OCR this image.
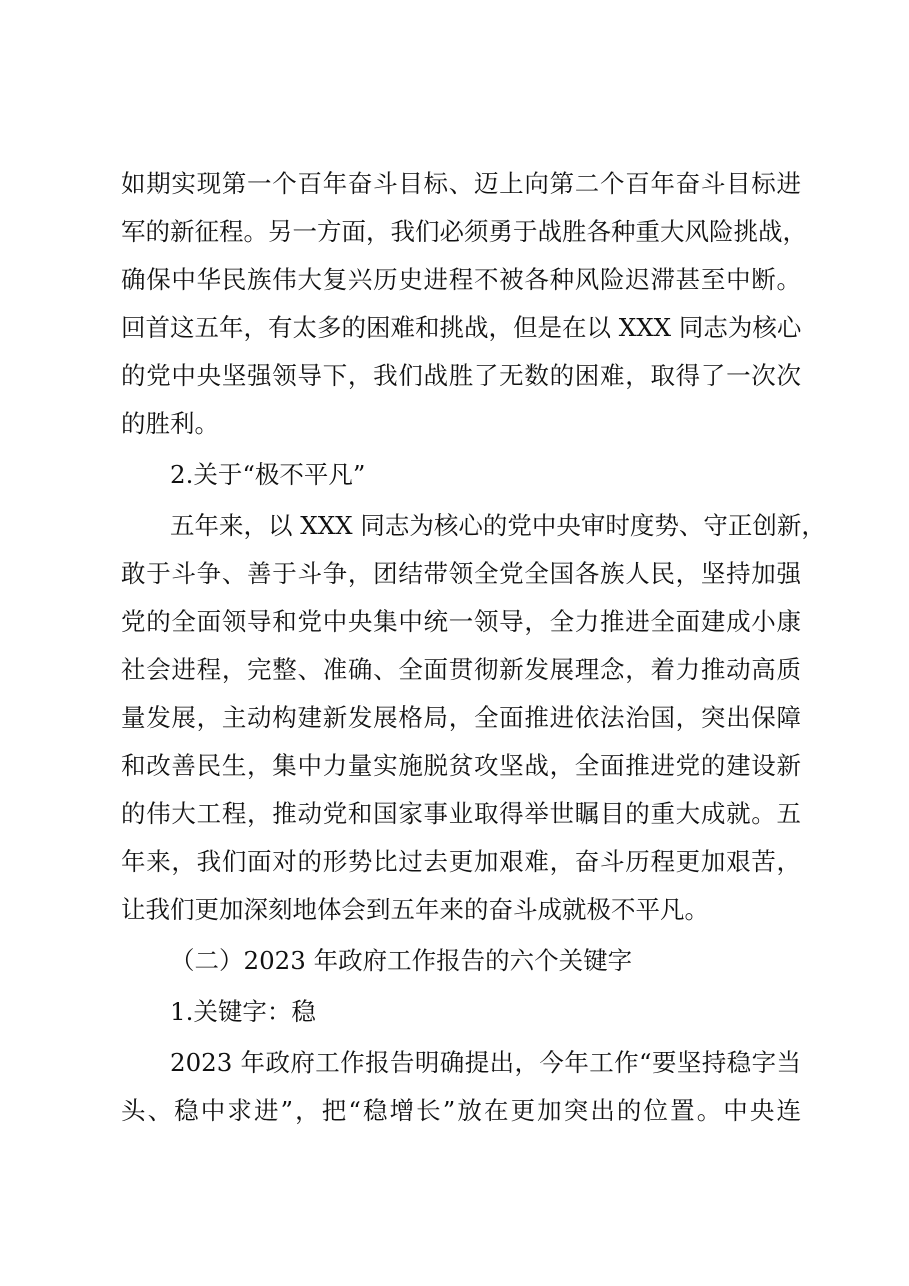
如期实现第一个百年奋斗目标、迈上向第二个百年奋斗目标进
军的新征程。另一方面，我们必须勇于战胜各种重大风险挑战，
确保中华民族伟大复兴历史进程不被各种风险迟滞甚至中断。
回首这五年，有太多的困难和挑战，但是在以 XXX 同志为核心
的党中央坚强领导下，我们战胜了无数的困难，取得了一次次
的胜利。
2.关于“极不平凡”
五年来，以 XXX 同志为核心的党中央审时度势、守正创新，
敢于斗争、善于斗争，团结带领全党全国各族人民，坚持加强
党的全面领导和党中央集中统一领导，全力推进全面建成小康
社会进程，完整、准确、全面贯彻新发展理念，着力推动高质
量发展，主动构建新发展格局，全面推进依法治国，突出保障
和改善民生，集中力量实施脱贫攻坚战，全面推进党的建设新
的伟大工程，推动党和国家事业取得举世瞩目的重大成就。五
年来，我们面对的形势比过去更加艰难，奋斗历程更加艰苦，
让我们更加深刻地体会到五年来的奋斗成就极不平凡。
（二）2023 年政府工作报告的六个关键字
1.关键字：稳
2023 年政府工作报告明确提出，今年工作“要坚持稳字当
头、稳中求进”，把“稳增长”放在更加突出的位置。中央连
